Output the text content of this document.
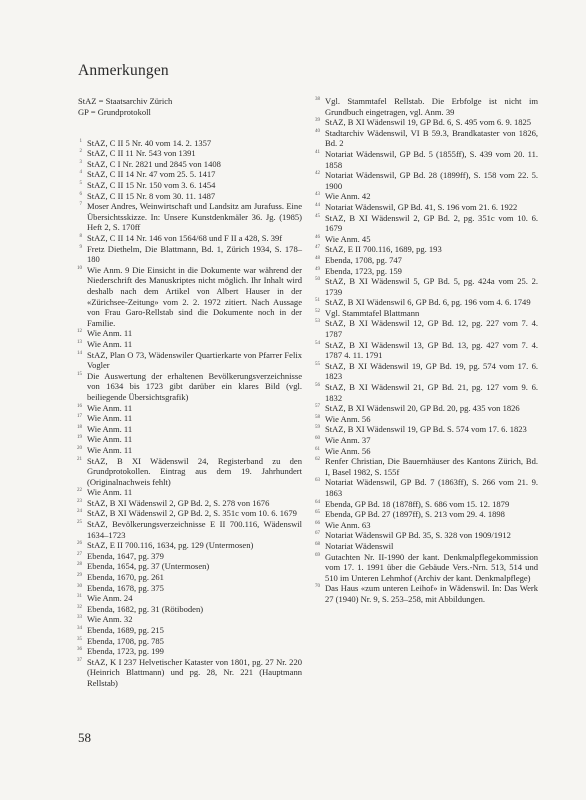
Anmerkungen
StAZ = Staatsarchiv Zürich
GP = Grundprotokoll
1 StAZ, C II 5 Nr. 40 vom 14. 2. 1357
2 StAZ, C II 11 Nr. 543 von 1391
3 StAZ, C I Nr. 2821 und 2845 von 1408
4 StAZ, C II 14 Nr. 47 vom 25. 5. 1417
5 StAZ, C II 15 Nr. 150 vom 3. 6. 1454
6 StAZ, C II 15 Nr. 8 vom 30. 11. 1487
7 Moser Andres, Weinwirtschaft und Landsitz am Jurafuss. Eine Übersichtsskizze. In: Unsere Kunstdenkmäler 36. Jg. (1985) Heft 2, S. 170ff
8 StAZ, C II 14 Nr. 146 von 1564/68 und F II a 428, S. 39f
9 Fretz Diethelm, Die Blattmann, Bd. 1, Zürich 1934, S. 178–180
10 Wie Anm. 9 Die Einsicht in die Dokumente war während der Niederschrift des Manuskriptes nicht möglich. Ihr Inhalt wird deshalb nach dem Artikel von Albert Hauser in der «Zürichsee-Zeitung» vom 2. 2. 1972 zitiert. Nach Aussage von Frau Garo-Rellstab sind die Dokumente noch in der Familie.
12 Wie Anm. 11
13 Wie Anm. 11
14 StAZ, Plan O 73, Wädenswiler Quartierkarte von Pfarrer Felix Vogler
15 Die Auswertung der erhaltenen Bevölkerungsverzeichnisse von 1634 bis 1723 gibt darüber ein klares Bild (vgl. beiliegende Übersichtsgrafik)
16 Wie Anm. 11
17 Wie Anm. 11
18 Wie Anm. 11
19 Wie Anm. 11
20 Wie Anm. 11
21 StAZ, B XI Wädenswil 24, Registerband zu den Grundprotokollen. Eintrag aus dem 19. Jahrhundert (Originalnachweis fehlt)
22 Wie Anm. 11
23 StAZ, B XI Wädenswil 2, GP Bd. 2, S. 278 von 1676
24 StAZ, B XI Wädenswil 2, GP Bd. 2, S. 351c vom 10. 6. 1679
25 StAZ, Bevölkerungsverzeichnisse E II 700.116, Wädenswil 1634–1723
26 StAZ, E II 700.116, 1634, pg. 129 (Untermosen)
27 Ebenda, 1647, pg. 379
28 Ebenda, 1654, pg. 37 (Untermosen)
29 Ebenda, 1670, pg. 261
30 Ebenda, 1678, pg. 375
31 Wie Anm. 24
32 Ebenda, 1682, pg. 31 (Rötiboden)
33 Wie Anm. 32
34 Ebenda, 1689, pg. 215
35 Ebenda, 1708, pg. 785
36 Ebenda, 1723, pg. 199
37 StAZ, K I 237 Helvetischer Kataster von 1801, pg. 27 Nr. 220 (Heinrich Blattmann) und pg. 28, Nr. 221 (Hauptmann Rellstab)
38 Vgl. Stammtafel Rellstab. Die Erbfolge ist nicht im Grundbuch eingetragen, vgl. Anm. 39
39 StAZ, B XI Wädenswil 19, GP Bd. 6, S. 495 vom 6. 9. 1825
40 Stadtarchiv Wädenswil, VI B 59.3, Brandkataster von 1826, Bd. 2
41 Notariat Wädenswil, GP Bd. 5 (1855ff), S. 439 vom 20. 11. 1858
42 Notariat Wädenswil, GP Bd. 28 (1899ff), S. 158 vom 22. 5. 1900
43 Wie Anm. 42
44 Notariat Wädenswil, GP Bd. 41, S. 196 vom 21. 6. 1922
45 StAZ, B XI Wädenswil 2, GP Bd. 2, pg. 351c vom 10. 6. 1679
46 Wie Anm. 45
47 StAZ, E II 700.116, 1689, pg. 193
48 Ebenda, 1708, pg. 747
49 Ebenda, 1723, pg. 159
50 StAZ, B XI Wädenswil 5, GP Bd. 5, pg. 424a vom 25. 2. 1739
51 StAZ, B XI Wädenswil 6, GP Bd. 6, pg. 196 vom 4. 6. 1749
52 Vgl. Stammtafel Blattmann
53 StAZ, B XI Wädenswil 12, GP Bd. 12, pg. 227 vom 7. 4. 1787
54 StAZ, B XI Wädenswil 13, GP Bd. 13, pg. 427 vom 7. 4. 1787 4. 11. 1791
55 StAZ, B XI Wädenswil 19, GP Bd. 19, pg. 574 vom 17. 6. 1823
56 StAZ, B XI Wädenswil 21, GP Bd. 21, pg. 127 vom 9. 6. 1832
57 StAZ, B XI Wädenswil 20, GP Bd. 20, pg. 435 von 1826
58 Wie Anm. 56
59 StAZ, B XI Wädenswil 19, GP Bd. S. 574 vom 17. 6. 1823
60 Wie Anm. 37
61 Wie Anm. 56
62 Renfer Christian, Die Bauernhäuser des Kantons Zürich, Bd. I, Basel 1982, S. 155f
63 Notariat Wädenswil, GP Bd. 7 (1863ff), S. 266 vom 21. 9. 1863
64 Ebenda, GP Bd. 18 (1878ff), S. 686 vom 15. 12. 1879
65 Ebenda, GP Bd. 27 (1897ff), S. 213 vom 29. 4. 1898
66 Wie Anm. 63
67 Notariat Wädenswil GP Bd. 35, S. 328 von 1909/1912
68 Notariat Wädenswil
69 Gutachten Nr. II-1990 der kant. Denkmalpflegekommission vom 17. 1. 1991 über die Gebäude Vers.-Nrn. 513, 514 und 510 im Unteren Lehmhof (Archiv der kant. Denkmalpflege)
70 Das Haus «zum unteren Leihof» in Wädenswil. In: Das Werk 27 (1940) Nr. 9, S. 253–258, mit Abbildungen.
58
